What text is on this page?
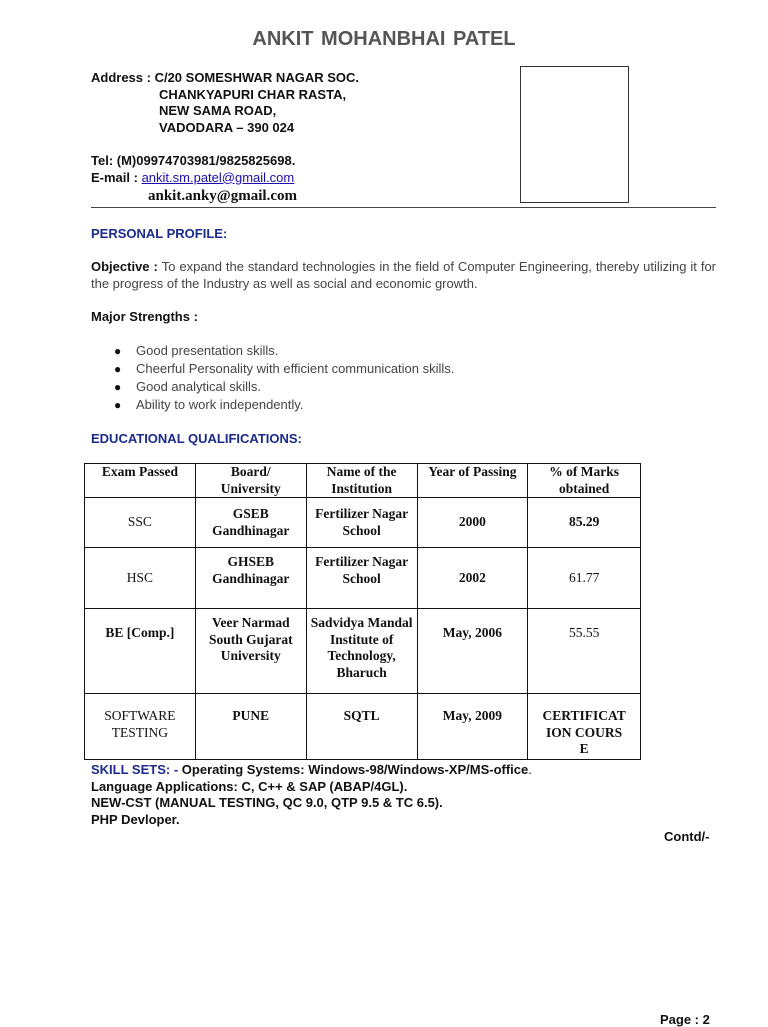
ANKIT MOHANBHAI PATEL
Address : C/20 SOMESHWAR NAGAR SOC.
CHANKYAPURI CHAR RASTA,
NEW SAMA ROAD,
VADODARA – 390 024
Tel: (M)09974703981/9825825698.
E-mail : ankit.sm.patel@gmail.com
ankit.anky@gmail.com
PERSONAL PROFILE:
Objective : To expand the standard technologies in the field of Computer Engineering, thereby utilizing it for the progress of the Industry as well as social and economic growth.
Major Strengths :
● Good presentation skills.
● Cheerful Personality with efficient communication skills.
● Good analytical skills.
● Ability to work independently.
EDUCATIONAL QUALIFICATIONS:
Exam Passed	Board/ University	Name of the Institution	Year of Passing	% of Marks obtained
SSC	GSEB Gandhinagar	Fertilizer Nagar School	2000	85.29
HSC	GHSEB Gandhinagar	Fertilizer Nagar School	2002	61.77
BE [Comp.]	Veer Narmad South Gujarat University	Sadvidya Mandal Institute of Technology, Bharuch	May, 2006	55.55
SOFTWARE TESTING	PUNE	SQTL	May, 2009	CERTIFICATION COURSE
SKILL SETS: - Operating Systems: Windows-98/Windows-XP/MS-office.
Language Applications: C, C++ & SAP (ABAP/4GL).
NEW-CST (MANUAL TESTING, QC 9.0, QTP 9.5 & TC 6.5).
PHP Devloper.
Contd/-
Page : 2
